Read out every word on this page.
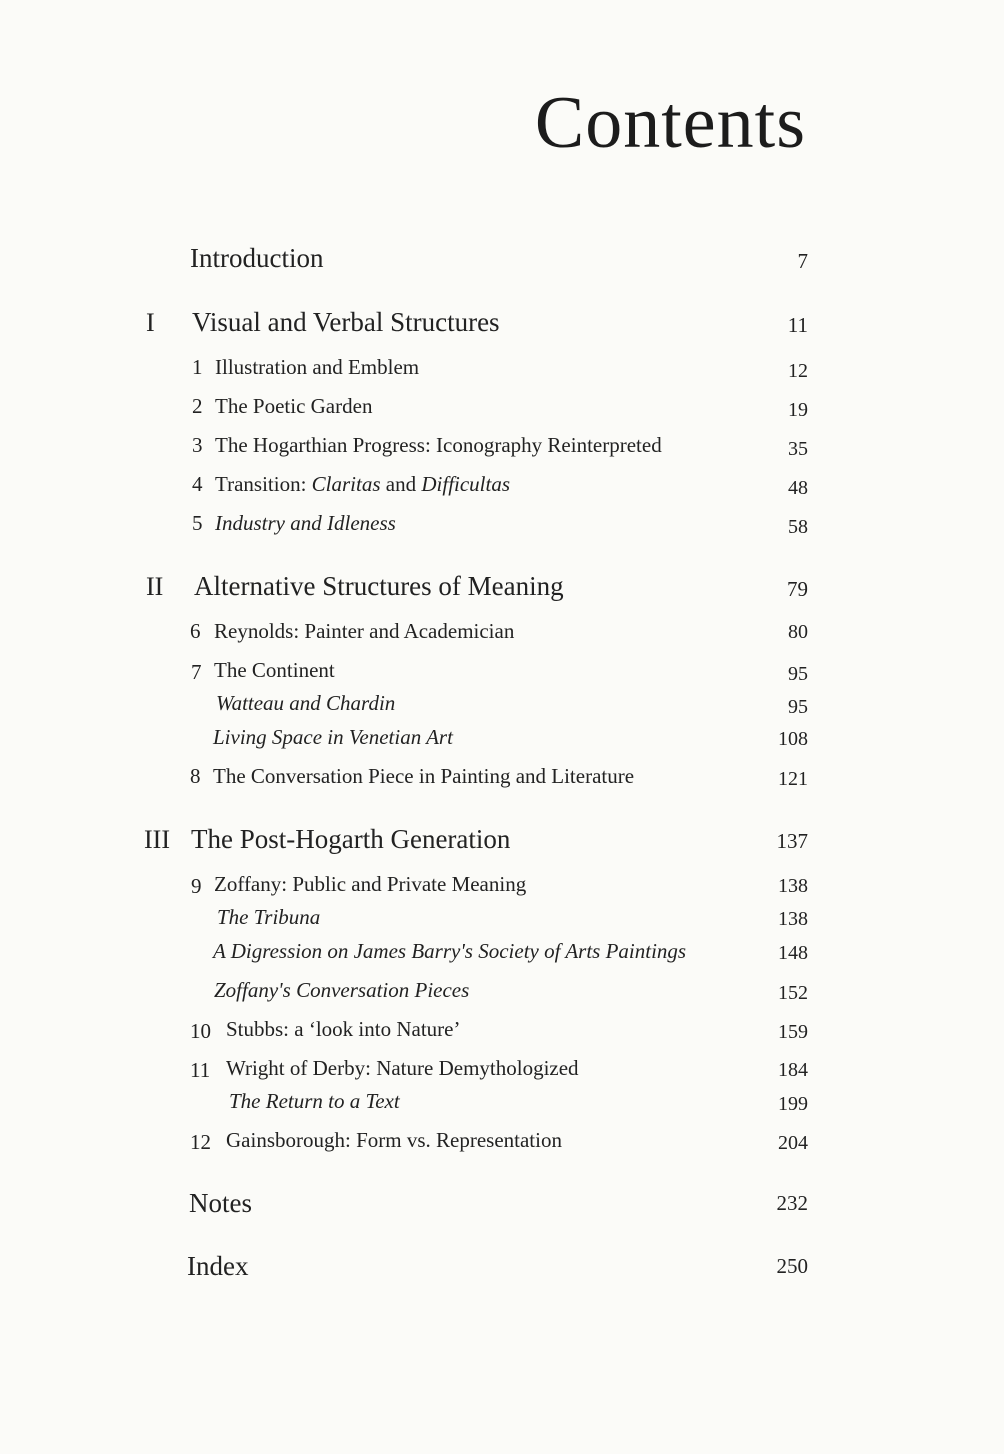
Contents
Introduction	7
I Visual and Verbal Structures	11
1 Illustration and Emblem	12
2 The Poetic Garden	19
3 The Hogarthian Progress: Iconography Reinterpreted	35
4 Transition: Claritas and Difficultas	48
5 Industry and Idleness	58
II Alternative Structures of Meaning	79
6 Reynolds: Painter and Academician	80
7 The Continent	95
Watteau and Chardin	95
Living Space in Venetian Art	108
8 The Conversation Piece in Painting and Literature	121
III The Post-Hogarth Generation	137
9 Zoffany: Public and Private Meaning	138
The Tribuna	138
A Digression on James Barry's Society of Arts Paintings	148
Zoffany's Conversation Pieces	152
10 Stubbs: a ‘look into Nature’	159
11 Wright of Derby: Nature Demythologized	184
The Return to a Text	199
12 Gainsborough: Form vs. Representation	204
Notes	232
Index	250
